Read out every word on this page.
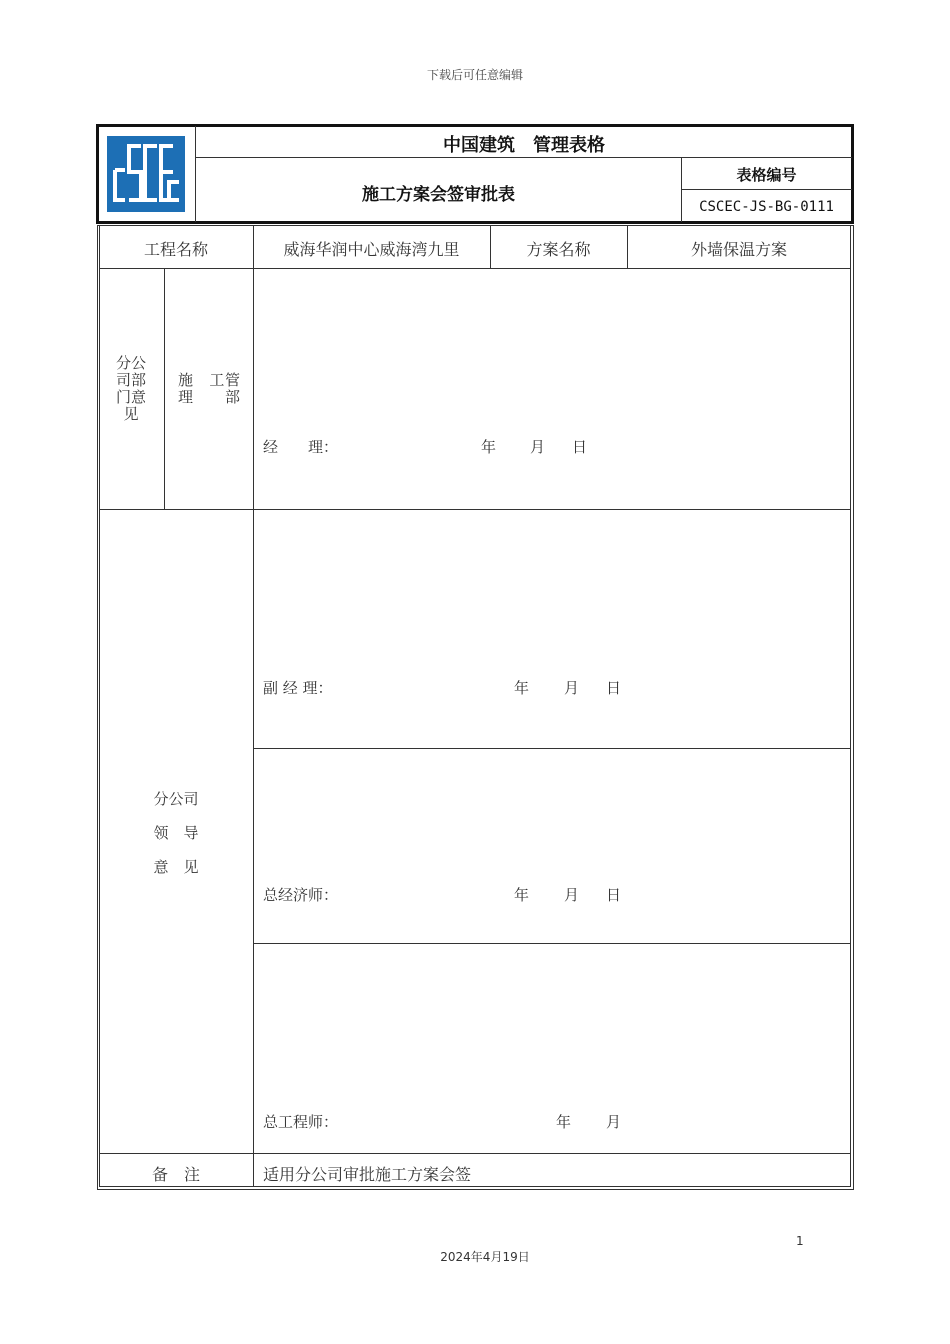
下载后可任意编辑
中国建筑　管理表格
施工方案会签审批表
表格编号
CSCEC-JS-BG-0111
工程名称	威海华润中心威海湾九里	方案名称	外墙保温方案
分公司部门意见
施　工管理部
经　　理：	年 月 日
分公司
领　导
意　见
副 经 理：	年 月 日
总经济师：	年 月 日
总工程师：	年 月
备　注	适用分公司审批施工方案会签
1
2024年4月19日
